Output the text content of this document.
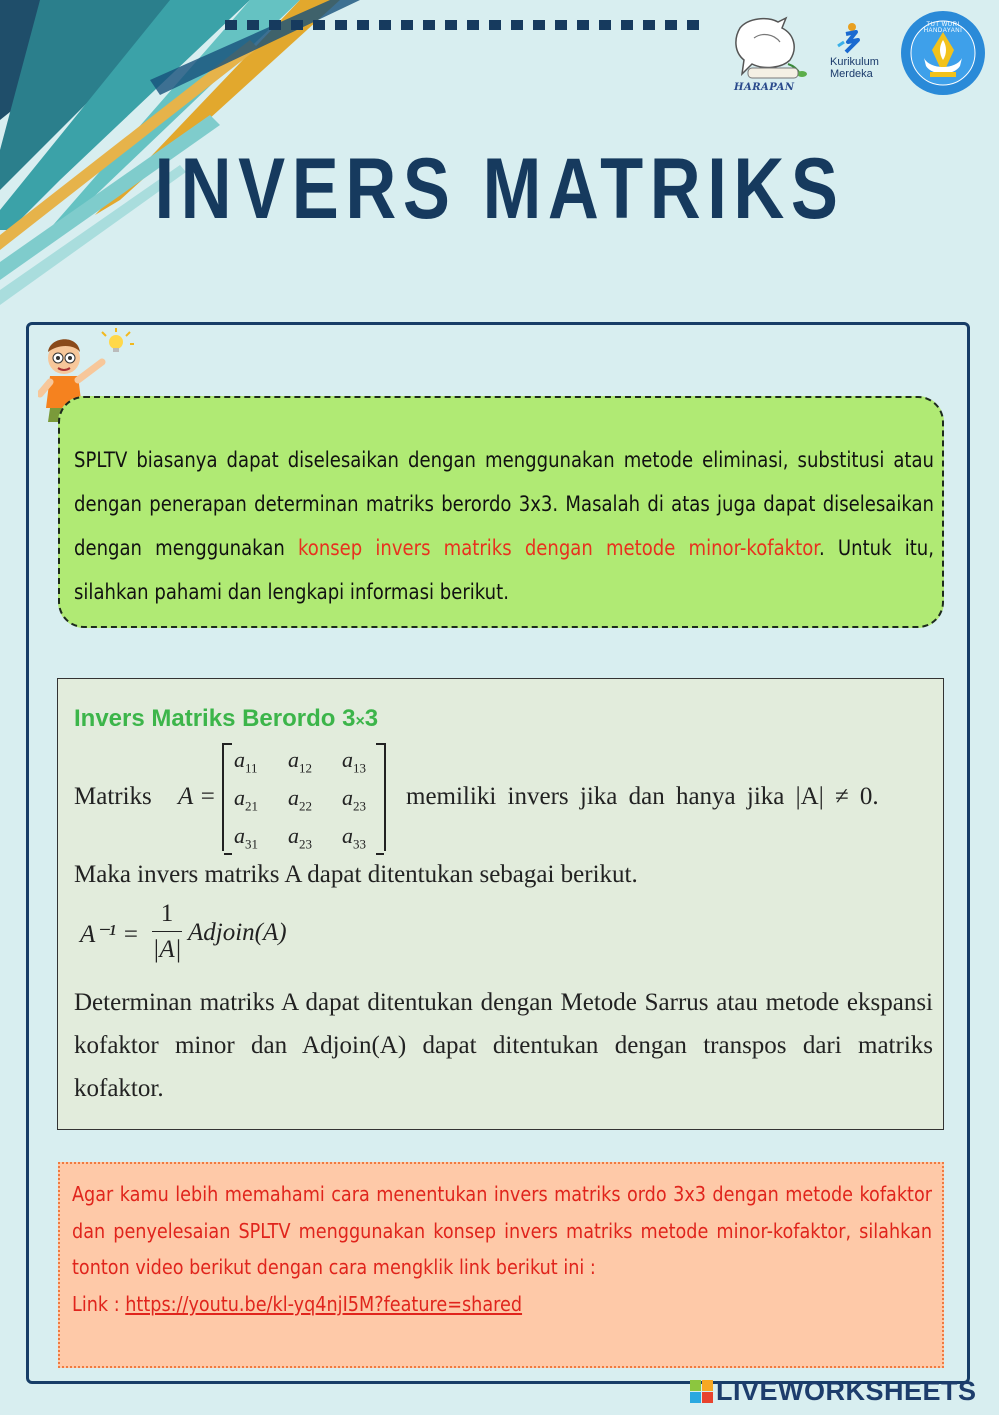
HARAPAN
Kurikulum
Merdeka
TUT WURI HANDAYANI
INVERS MATRIKS

SPLTV biasanya dapat diselesaikan dengan menggunakan metode eliminasi, substitusi atau dengan penerapan determinan matriks berordo 3x3. Masalah di atas juga dapat diselesaikan dengan menggunakan konsep invers matriks dengan metode minor-kofaktor. Untuk itu, silahkan pahami dan lengkapi informasi berikut.

Invers Matriks Berordo 3×3
Matriks A =
$a_{11}$ $a_{12}$ $a_{13}$
$a_{21}$ $a_{22}$ $a_{23}$
$a_{31}$ $a_{23}$ $a_{33}$
memiliki invers jika dan hanya jika |A| ≠ 0.
Maka invers matriks A dapat ditentukan sebagai berikut.
$A^{-1} = \frac{1}{|A|}$ Adjoin(A)
Determinan matriks A dapat ditentukan dengan Metode Sarrus atau metode ekspansi kofaktor minor dan Adjoin(A) dapat ditentukan dengan transpos dari matriks kofaktor.

Agar kamu lebih memahami cara menentukan invers matriks ordo 3x3 dengan metode kofaktor dan penyelesaian SPLTV menggunakan konsep invers matriks metode minor-kofaktor, silahkan tonton video berikut dengan cara mengklik link berikut ini :

Link : https://youtu.be/kl-yq4njI5M?feature=shared

LIVEWORKSHEETS
